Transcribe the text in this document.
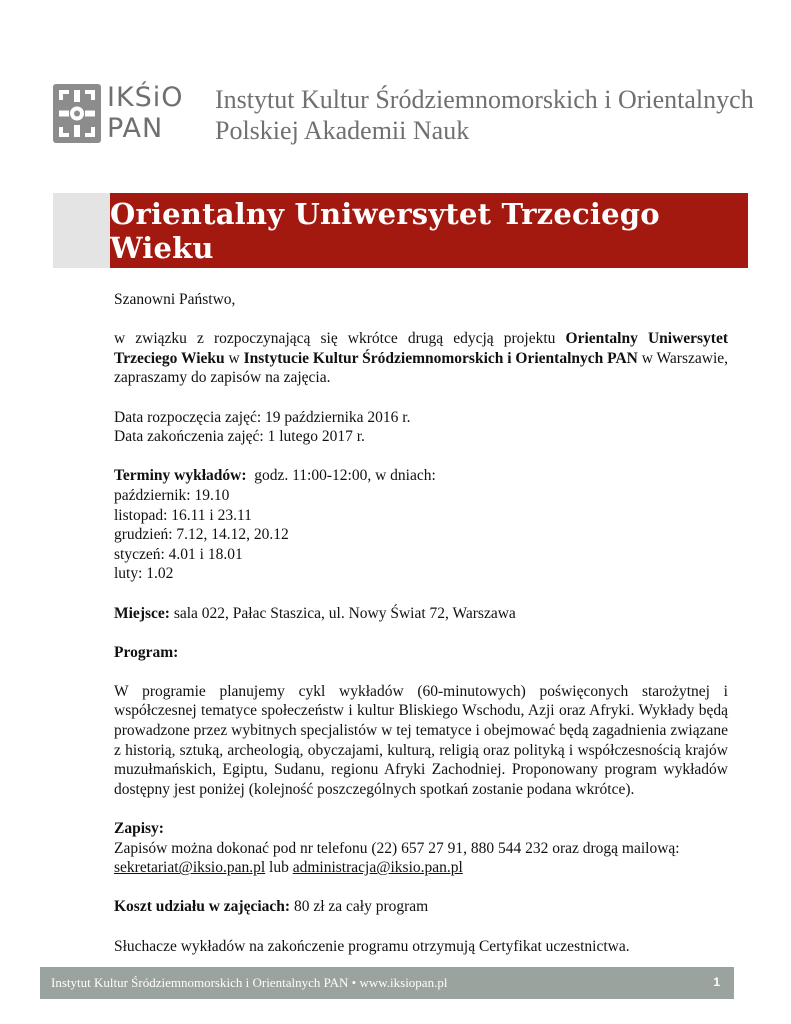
IKŚiO
PAN
Instytut Kultur Śródziemnomorskich i Orientalnych
Polskiej Akademii Nauk
Orientalny Uniwersytet Trzeciego Wieku

Szanowni Państwo,

w związku z rozpoczynającą się wkrótce drugą edycją projektu Orientalny Uniwersytet Trzeciego Wieku w Instytucie Kultur Śródziemnomorskich i Orientalnych PAN w Warszawie, zapraszamy do zapisów na zajęcia.

Data rozpoczęcia zajęć: 19 października 2016 r.

Data zakończenia zajęć: 1 lutego 2017 r.

Terminy wykładów:  godz. 11:00-12:00, w dniach:

październik: 19.10

listopad: 16.11 i 23.11

grudzień: 7.12, 14.12, 20.12

styczeń: 4.01 i 18.01

luty: 1.02

Miejsce: sala 022, Pałac Staszica, ul. Nowy Świat 72, Warszawa

Program:

W programie planujemy cykl wykładów (60-minutowych) poświęconych starożytnej i współczesnej tematyce społeczeństw i kultur Bliskiego Wschodu, Azji oraz Afryki. Wykłady będą prowadzone przez wybitnych specjalistów w tej tematyce i obejmować będą zagadnienia związane z historią, sztuką, archeologią, obyczajami, kulturą, religią oraz polityką i współczesnością krajów muzułmańskich, Egiptu, Sudanu, regionu Afryki Zachodniej. Proponowany program wykładów dostępny jest poniżej (kolejność poszczególnych spotkań zostanie podana wkrótce).

Zapisy:

Zapisów można dokonać pod nr telefonu (22) 657 27 91, 880 544 232 oraz drogą mailową:

sekretariat@iksio.pan.pl lub administracja@iksio.pan.pl

Koszt udziału w zajęciach: 80 zł za cały program

Słuchacze wykładów na zakończenie programu otrzymują Certyfikat uczestnictwa.

Instytut Kultur Śródziemnomorskich i Orientalnych PAN • www.iksiopan.pl	1
